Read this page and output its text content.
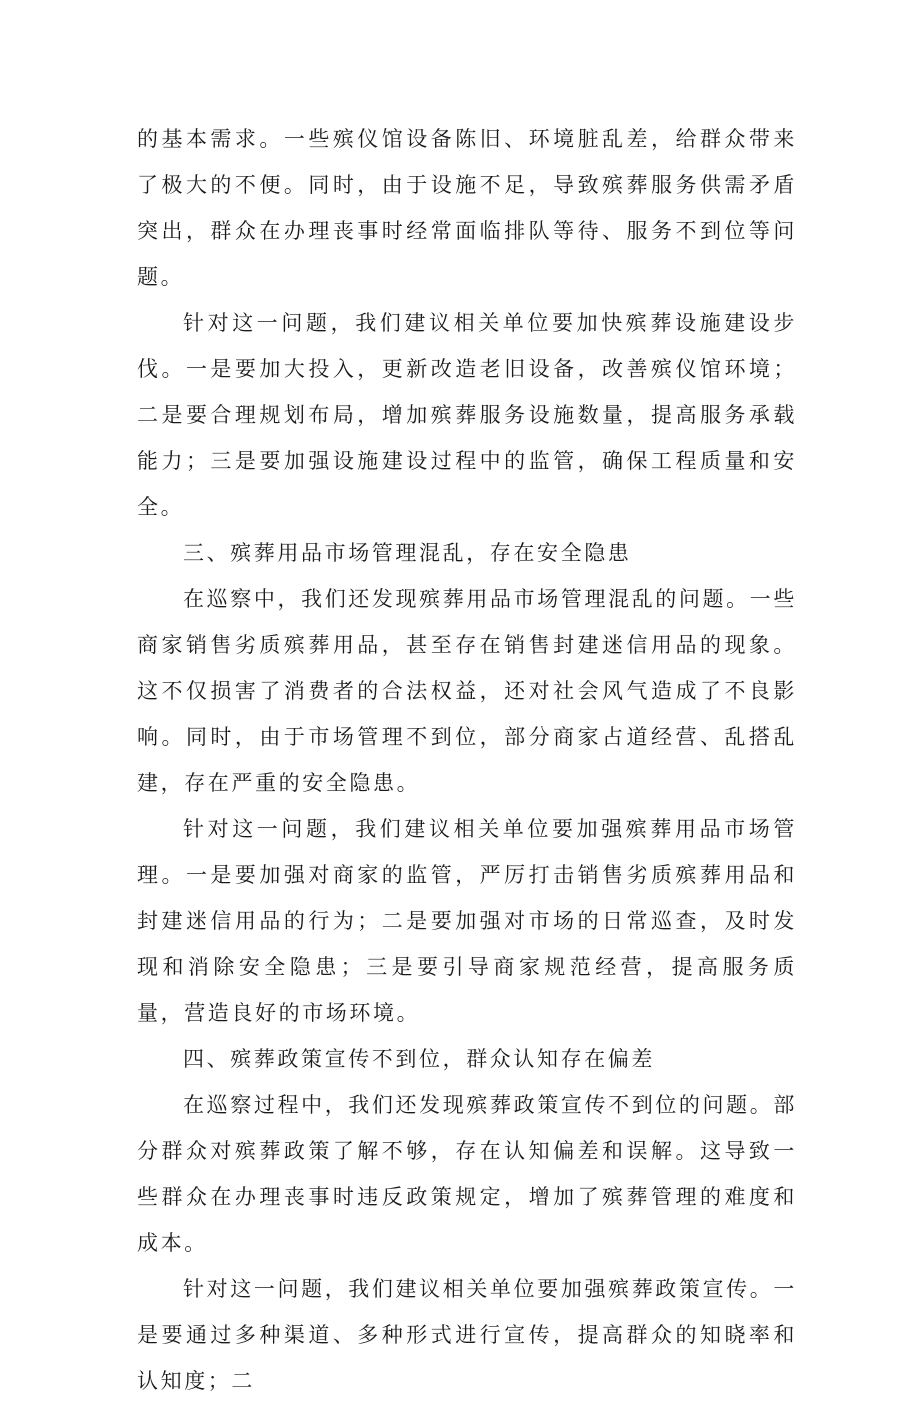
的基本需求。一些殡仪馆设备陈旧、环境脏乱差，给群众带来了极大的不便。同时，由于设施不足，导致殡葬服务供需矛盾突出，群众在办理丧事时经常面临排队等待、服务不到位等问题。

针对这一问题，我们建议相关单位要加快殡葬设施建设步伐。一是要加大投入，更新改造老旧设备，改善殡仪馆环境；二是要合理规划布局，增加殡葬服务设施数量，提高服务承载能力；三是要加强设施建设过程中的监管，确保工程质量和安全。

三、殡葬用品市场管理混乱，存在安全隐患

在巡察中，我们还发现殡葬用品市场管理混乱的问题。一些商家销售劣质殡葬用品，甚至存在销售封建迷信用品的现象。这不仅损害了消费者的合法权益，还对社会风气造成了不良影响。同时，由于市场管理不到位，部分商家占道经营、乱搭乱建，存在严重的安全隐患。

针对这一问题，我们建议相关单位要加强殡葬用品市场管理。一是要加强对商家的监管，严厉打击销售劣质殡葬用品和封建迷信用品的行为；二是要加强对市场的日常巡查，及时发现和消除安全隐患；三是要引导商家规范经营，提高服务质量，营造良好的市场环境。

四、殡葬政策宣传不到位，群众认知存在偏差

在巡察过程中，我们还发现殡葬政策宣传不到位的问题。部分群众对殡葬政策了解不够，存在认知偏差和误解。这导致一些群众在办理丧事时违反政策规定，增加了殡葬管理的难度和成本。

针对这一问题，我们建议相关单位要加强殡葬政策宣传。一是要通过多种渠道、多种形式进行宣传，提高群众的知晓率和认知度；二
